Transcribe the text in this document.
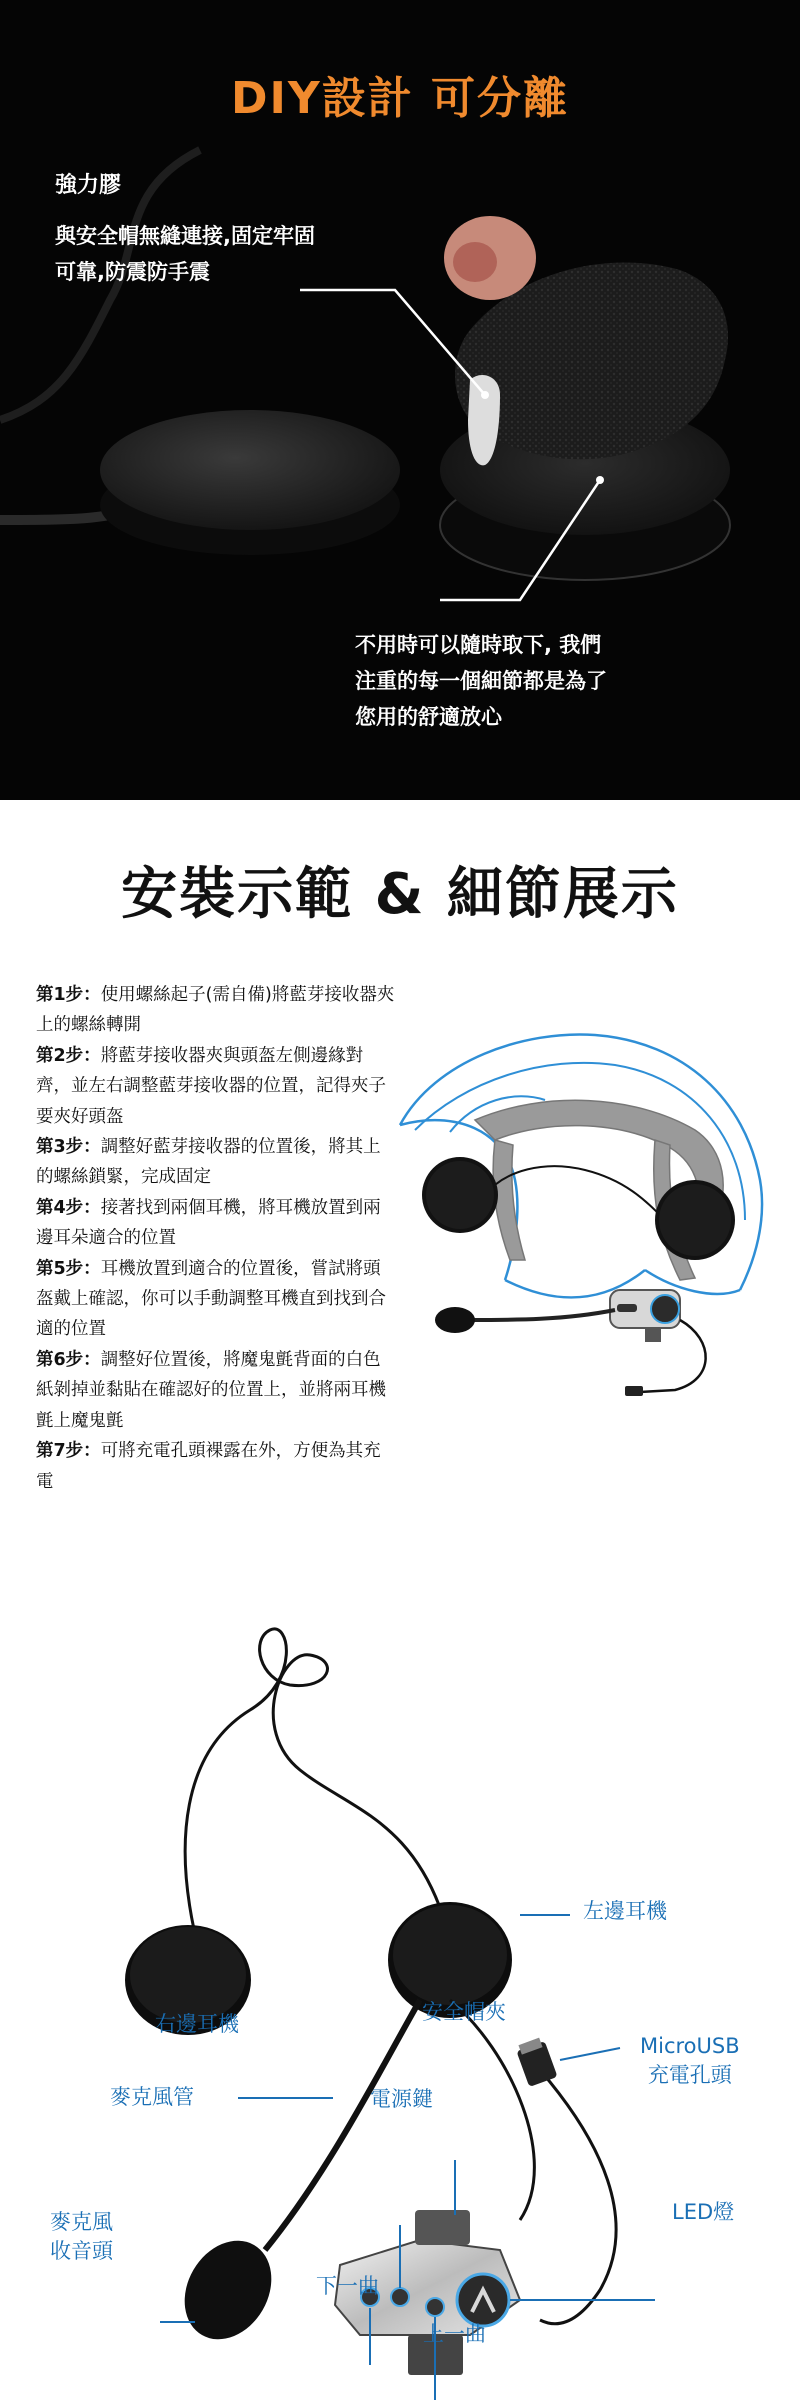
DIY設計 可分離
強力膠
與安全帽無縫連接,固定牢固
可靠,防震防手震
不用時可以隨時取下, 我們
注重的每一個細節都是為了
您用的舒適放心
安裝示範 & 細節展示

第1步：使用螺絲起子(需自備)將藍芽接收器夾上的螺絲轉開

第2步：將藍芽接收器夾與頭盔左側邊緣對齊，並左右調整藍芽接收器的位置，記得夾子要夾好頭盔

第3步：調整好藍芽接收器的位置後，將其上的螺絲鎖緊，完成固定

第4步：接著找到兩個耳機，將耳機放置到兩邊耳朵適合的位置

第5步：耳機放置到適合的位置後，嘗試將頭盔戴上確認，你可以手動調整耳機直到找到合適的位置

第6步：調整好位置後，將魔鬼氈背面的白色紙剝掉並黏貼在確認好的位置上，並將兩耳機氈上魔鬼氈

第7步：可將充電孔頭裸露在外，方便為其充電

左邊耳機
右邊耳機	安全帽夾
MicroUSB
充電孔頭
麥克風管	電源鍵
麥克風
收音頭
LED燈
下一曲
上一曲
